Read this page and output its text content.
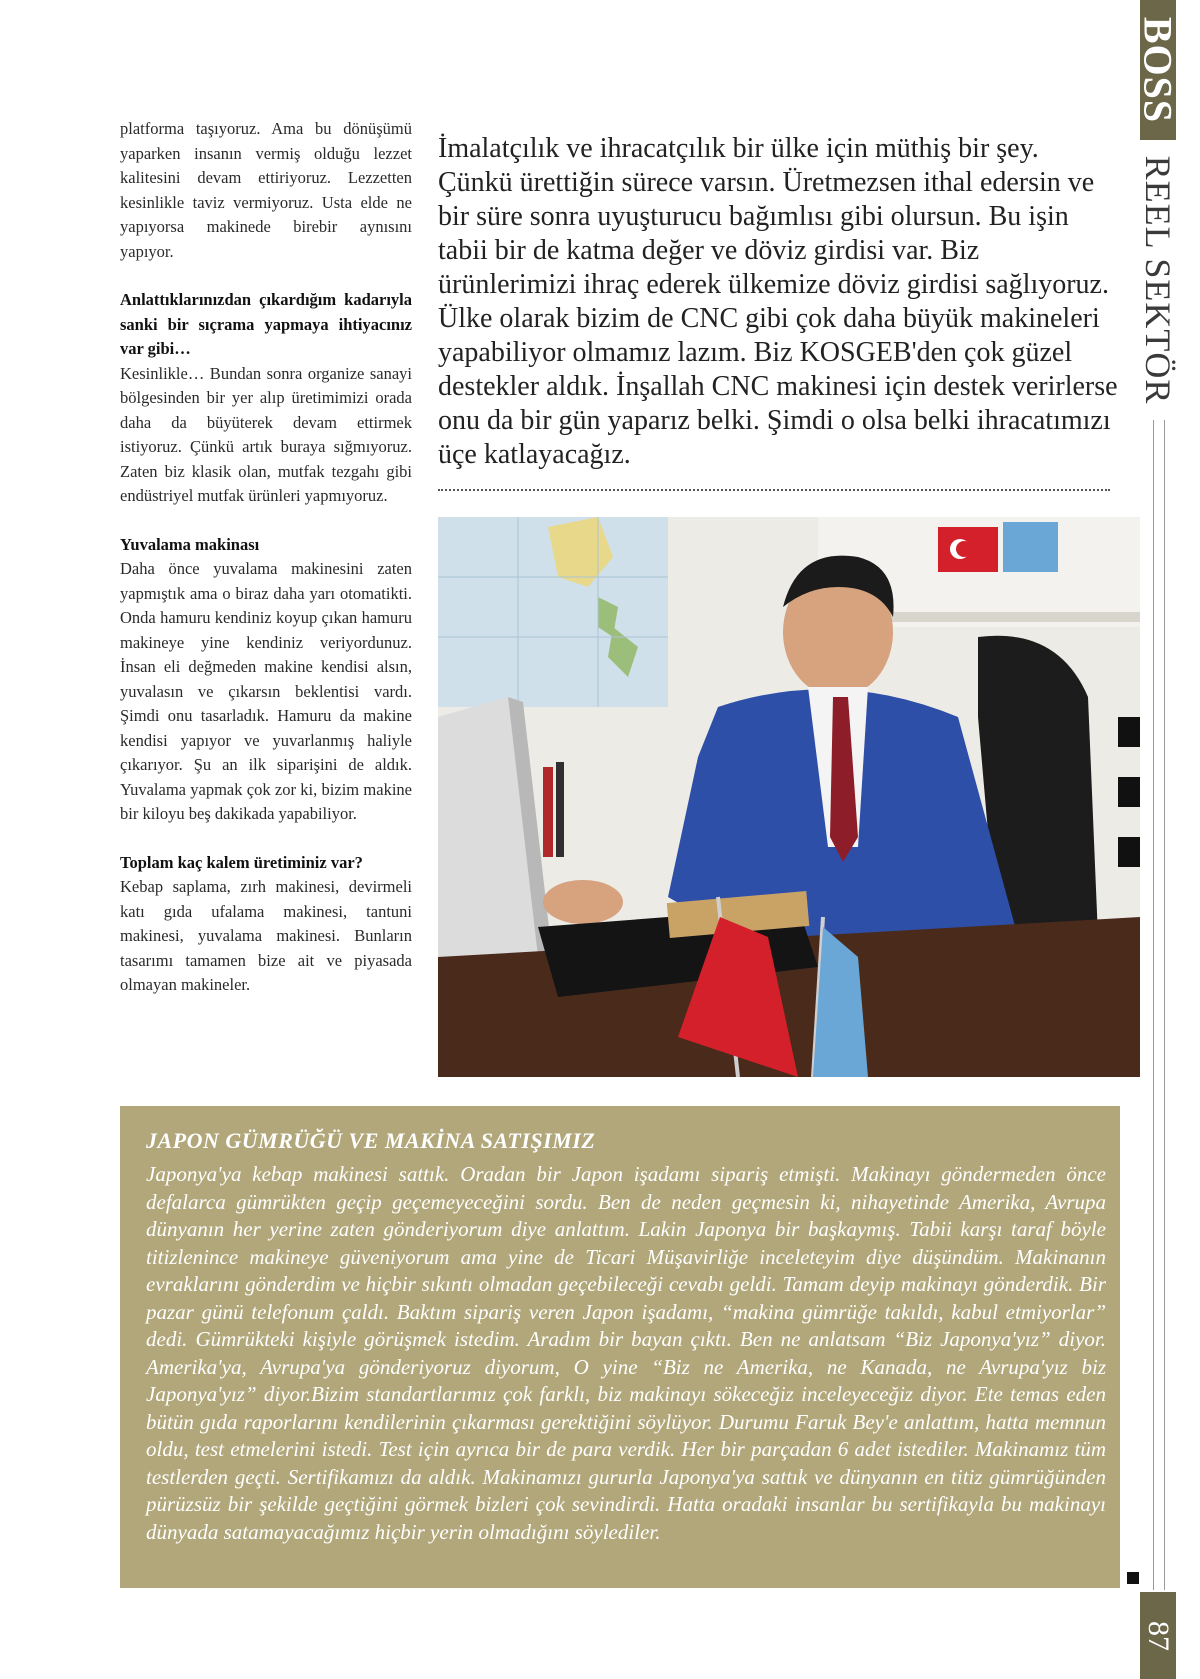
BOSS
REEL SEKTÖR
87

platforma taşıyoruz. Ama bu dönüşümü yaparken insanın vermiş olduğu lezzet kalitesini devam ettiriyoruz. Lezzetten kesinlikle taviz vermiyoruz. Usta elde ne yapıyorsa makinede birebir aynısını yapıyor.

Anlattıklarınızdan çıkardığım kadarıyla sanki bir sıçrama yapmaya ihtiyacınız var gibi…
Kesinlikle… Bundan sonra organize sanayi bölgesinden bir yer alıp üretimimizi orada daha da büyüterek devam ettirmek istiyoruz. Çünkü artık buraya sığmıyoruz. Zaten biz klasik olan, mutfak tezgahı gibi endüstriyel mutfak ürünleri yapmıyoruz.

Yuvalama makinası
Daha önce yuvalama makinesini zaten yapmıştık ama o biraz daha yarı otomatikti. Onda hamuru kendiniz koyup çıkan hamuru makineye yine kendiniz veriyordunuz. İnsan eli değmeden makine kendisi alsın, yuvalasın ve çıkarsın beklentisi vardı. Şimdi onu tasarladık. Hamuru da makine kendisi yapıyor ve yuvarlanmış haliyle çıkarıyor. Şu an ilk siparişini de aldık. Yuvalama yapmak çok zor ki, bizim makine bir kiloyu beş dakikada yapabiliyor.

Toplam kaç kalem üretiminiz var?
Kebap saplama, zırh makinesi, devirmeli katı gıda ufalama makinesi, tantuni makinesi, yuvalama makinesi. Bunların tasarımı tamamen bize ait ve piyasada olmayan makineler.

İmalatçılık ve ihracatçılık bir ülke için müthiş bir şey. Çünkü ürettiğin sürece varsın. Üretmezsen ithal edersin ve bir süre sonra uyuşturucu bağımlısı gibi olursun. Bu işin tabii bir de katma değer ve döviz girdisi var. Biz ürünlerimizi ihraç ederek ülkemize döviz girdisi sağlıyoruz. Ülke olarak bizim de CNC gibi çok daha büyük makineleri yapabiliyor olmamız lazım. Biz KOSGEB'den çok güzel destekler aldık. İnşallah CNC makinesi için destek verirlerse onu da bir gün yaparız belki. Şimdi o olsa belki ihracatımızı üçe katlayacağız.
JAPON GÜMRÜĞÜ VE MAKİNA SATIŞIMIZ
Japonya'ya kebap makinesi sattık. Oradan bir Japon işadamı sipariş etmişti. Makinayı göndermeden önce defalarca gümrükten geçip geçemeyeceğini sordu. Ben de neden geçmesin ki, nihayetinde Amerika, Avrupa dünyanın her yerine zaten gönderiyorum diye anlattım. Lakin Japonya bir başkaymış. Tabii karşı taraf böyle titizlenince makineye güveniyorum ama yine de Ticari Müşavirliğe inceleteyim diye düşündüm. Makinanın evraklarını gönderdim ve hiçbir sıkıntı olmadan geçebileceği cevabı geldi. Tamam deyip makinayı gönderdik. Bir pazar günü telefonum çaldı. Baktım sipariş veren Japon işadamı, “makina gümrüğe takıldı, kabul etmiyorlar” dedi. Gümrükteki kişiyle görüşmek istedim. Aradım bir bayan çıktı. Ben ne anlatsam “Biz Japonya'yız” diyor. Amerika'ya, Avrupa'ya gönderiyoruz diyorum, O yine “Biz ne Amerika, ne Kanada, ne Avrupa'yız biz Japonya'yız” diyor.Bizim standartlarımız çok farklı, biz makinayı sökeceğiz inceleyeceğiz diyor. Ete temas eden bütün gıda raporlarını kendilerinin çıkarması gerektiğini söylüyor. Durumu Faruk Bey'e anlattım, hatta memnun oldu, test etmelerini istedi. Test için ayrıca bir de para verdik. Her bir parçadan 6 adet istediler. Makinamız tüm testlerden geçti. Sertifikamızı da aldık. Makinamızı gururla Japonya'ya sattık ve dünyanın en titiz gümrüğünden pürüzsüz bir şekilde geçtiğini görmek bizleri çok sevindirdi. Hatta oradaki insanlar bu sertifikayla bu makinayı dünyada satamayacağımız hiçbir yerin olmadığını söylediler.
